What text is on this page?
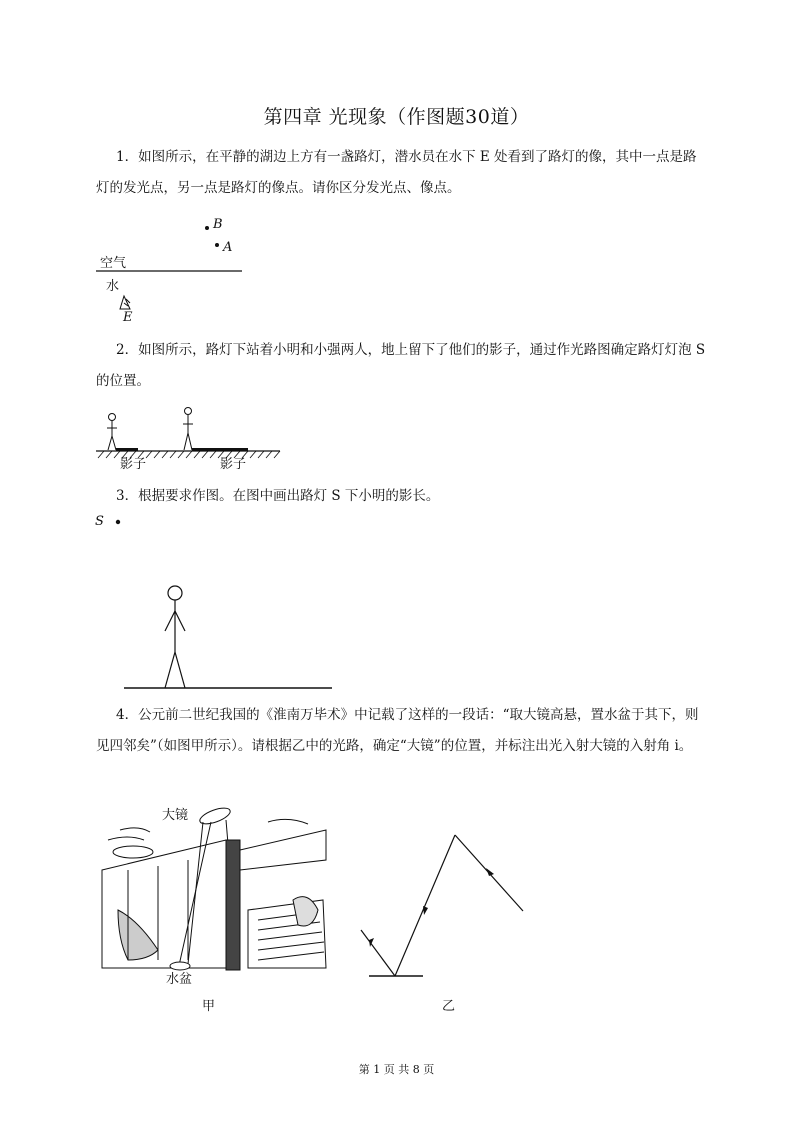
第四章 光现象（作图题30道）
1．如图所示，在平静的湖边上方有一盏路灯，潜水员在水下 E 处看到了路灯的像，其中一点是路灯的发光点，另一点是路灯的像点。请你区分发光点、像点。
B
A
空气
水
E
2．如图所示，路灯下站着小明和小强两人，地上留下了他们的影子，通过作光路图确定路灯灯泡 S 的位置。
影子	影子
3．根据要求作图。在图中画出路灯 S 下小明的影长。
S
4．公元前二世纪我国的《淮南万毕术》中记载了这样的一段话：“取大镜高悬，置水盆于其下，则见四邻矣”（如图甲所示）。请根据乙中的光路，确定“大镜”的位置，并标注出光入射大镜的入射角 i。
大镜
水盆
甲	乙
第 1 页 共 8 页
